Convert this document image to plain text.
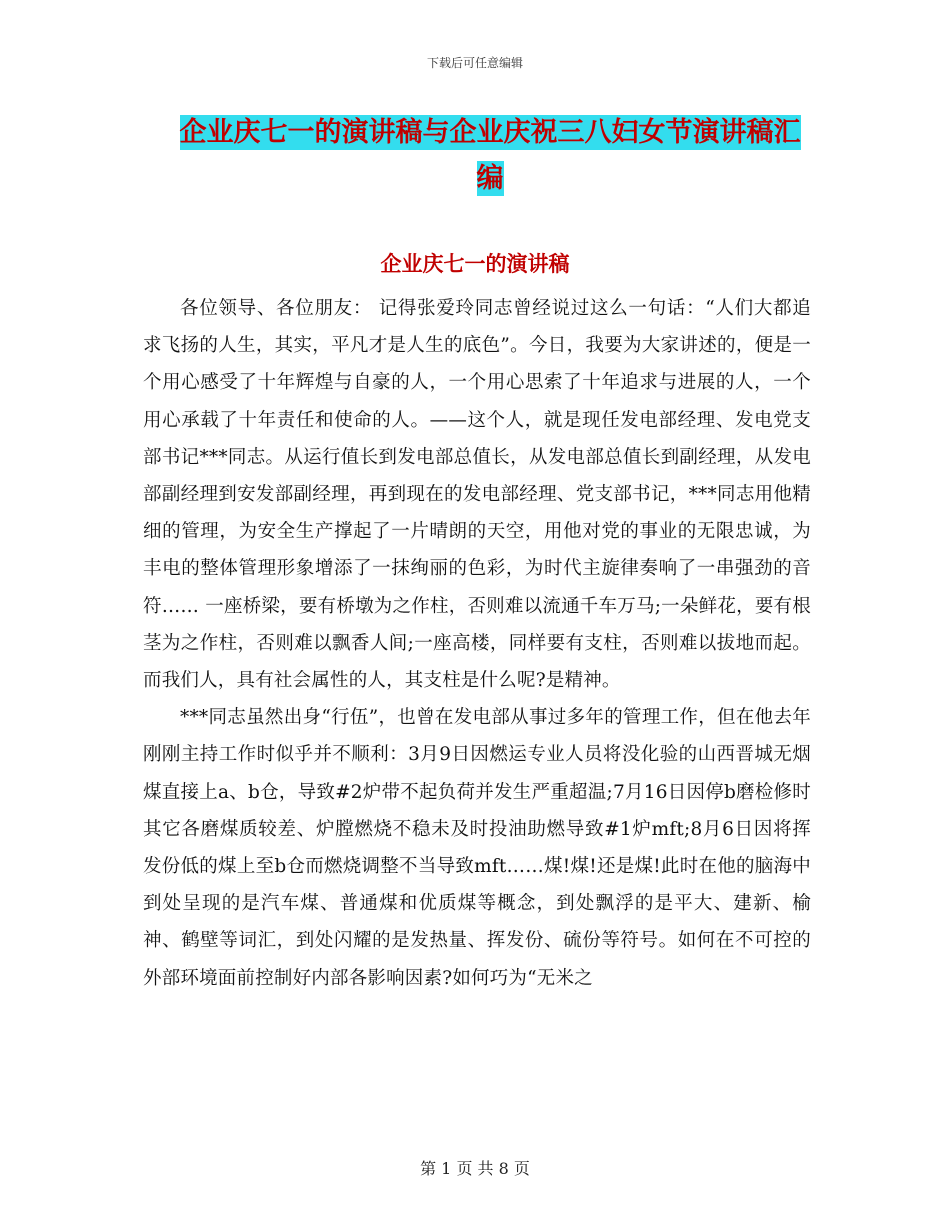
下载后可任意编辑
企业庆七一的演讲稿与企业庆祝三八妇女节演讲稿汇
编
企业庆七一的演讲稿

各位领导、各位朋友： 记得张爱玲同志曾经说过这么一句话：“人们大都追求飞扬的人生，其实，平凡才是人生的底色”。今日，我要为大家讲述的，便是一个用心感受了十年辉煌与自豪的人，一个用心思索了十年追求与进展的人，一个用心承载了十年责任和使命的人。——这个人，就是现任发电部经理、发电党支部书记***同志。从运行值长到发电部总值长，从发电部总值长到副经理，从发电部副经理到安发部副经理，再到现在的发电部经理、党支部书记，***同志用他精细的管理，为安全生产撑起了一片晴朗的天空，用他对党的事业的无限忠诚，为丰电的整体管理形象增添了一抹绚丽的色彩，为时代主旋律奏响了一串强劲的音符…… 一座桥梁，要有桥墩为之作柱，否则难以流通千车万马;一朵鲜花，要有根茎为之作柱，否则难以飘香人间;一座高楼，同样要有支柱，否则难以拔地而起。而我们人，具有社会属性的人，其支柱是什么呢?是精神。

***同志虽然出身“行伍”，也曾在发电部从事过多年的管理工作，但在他去年刚刚主持工作时似乎并不顺利：3月9日因燃运专业人员将没化验的山西晋城无烟煤直接上a、b仓，导致#2炉带不起负荷并发生严重超温;7月16日因停b磨检修时其它各磨煤质较差、炉膛燃烧不稳未及时投油助燃导致#1炉mft;8月6日因将挥发份低的煤上至b仓而燃烧调整不当导致mft……煤!煤!还是煤!此时在他的脑海中到处呈现的是汽车煤、普通煤和优质煤等概念，到处飘浮的是平大、建新、榆神、鹤壁等词汇，到处闪耀的是发热量、挥发份、硫份等符号。如何在不可控的外部环境面前控制好内部各影响因素?如何巧为“无米之

第 1 页 共 8 页
